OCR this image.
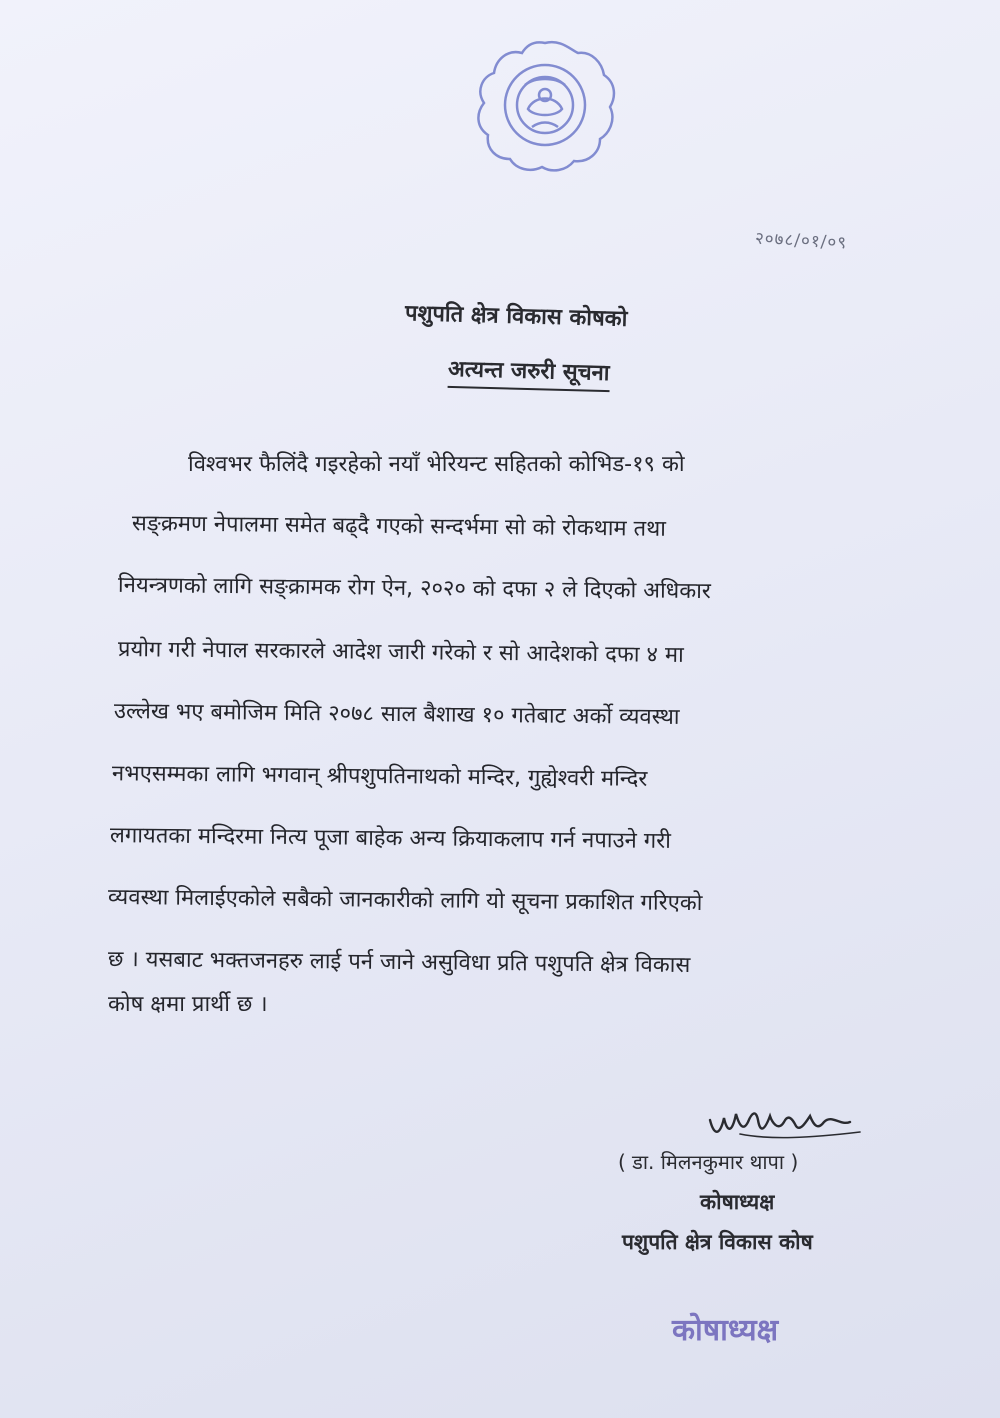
२०७८/०१/०९
पशुपति क्षेत्र विकास कोषको
अत्यन्त जरुरी सूचना
विश्वभर फैलिंदै गइरहेको नयाँ भेरियन्ट सहितको कोभिड-१९ को
सङ्क्रमण नेपालमा समेत बढ्दै गएको सन्दर्भमा सो को रोकथाम तथा
नियन्त्रणको लागि सङ्क्रामक रोग ऐन, २०२० को दफा २ ले दिएको अधिकार
प्रयोग गरी नेपाल सरकारले आदेश जारी गरेको र सो आदेशको दफा ४ मा
उल्लेख भए बमोजिम मिति २०७८ साल बैशाख १० गतेबाट अर्को व्यवस्था
नभएसम्मका लागि भगवान् श्रीपशुपतिनाथको मन्दिर, गुह्येश्वरी मन्दिर
लगायतका मन्दिरमा नित्य पूजा बाहेक अन्य क्रियाकलाप गर्न नपाउने गरी
व्यवस्था मिलाईएकोले सबैको जानकारीको लागि यो सूचना प्रकाशित गरिएको
छ । यसबाट भक्तजनहरु लाई पर्न जाने असुविधा प्रति पशुपति क्षेत्र विकास
कोष क्षमा प्रार्थी छ ।
( डा. मिलनकुमार थापा )
कोषाध्यक्ष
पशुपति क्षेत्र विकास कोष
कोषाध्यक्ष
